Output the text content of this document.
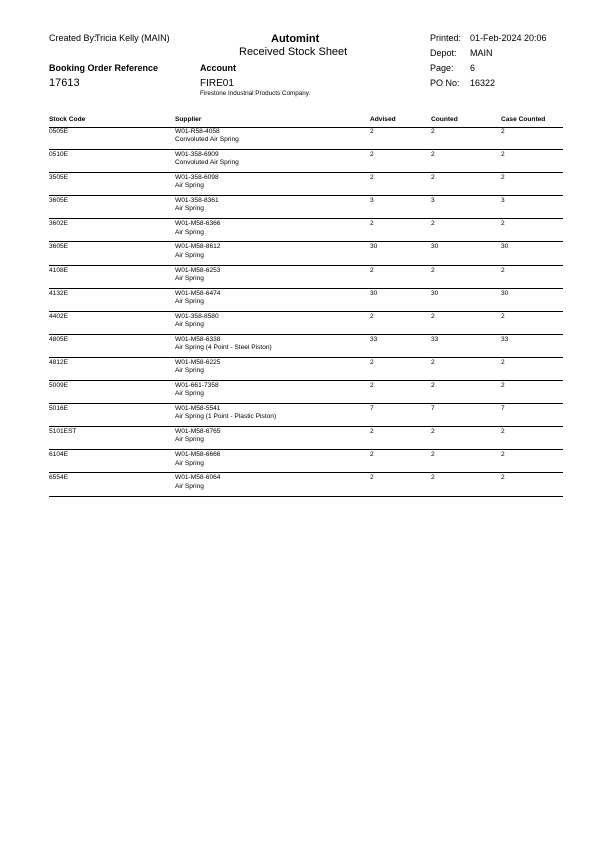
Created By:
Tricia Kelly (MAIN)	Automint
Received Stock Sheet
Printed: 01-Feb-2024 20:06
Depot: MAIN
Page: 6
PO No: 16322
Booking Order Reference
17613
Account
FIRE01
Firestone Industrial Products Company.
Stock Code	Supplier	Advised	Counted	Case Counted
0505E	W01-R58-4058
Convoluted Air Spring	2	2	2

0510E	W01-358-6909
Convoluted Air Spring	2	2	2

3505E	W01-358-6098
Air Spring	2	2	2

3605E	W01-358-8361
Air Spring	3	3	3

3602E	W01-M58-6366
Air Spring	2	2	2

3605E	W01-M58-8612
Air Spring	30	30	30

4108E	W01-M58-6253
Air Spring	2	2	2

4132E	W01-M58-6474
Air Spring	30	30	30

4402E	W01-358-8580
Air Spring	2	2	2

4805E	W01-M58-6338
Air Spring (4 Point - Steel Piston)	33	33	33

4812E	W01-M58-6225
Air Spring	2	2	2

5009E	W01-661-7358
Air Spring	2	2	2

5016E	W01-M58-5541
Air Spring (1 Point - Plastic Piston)	7	7	7

5101EST	W01-M58-6765
Air Spring	2	2	2

6104E	W01-M58-6666
Air Spring	2	2	2

6554E	W01-M58-6064
Air Spring	2	2	2
